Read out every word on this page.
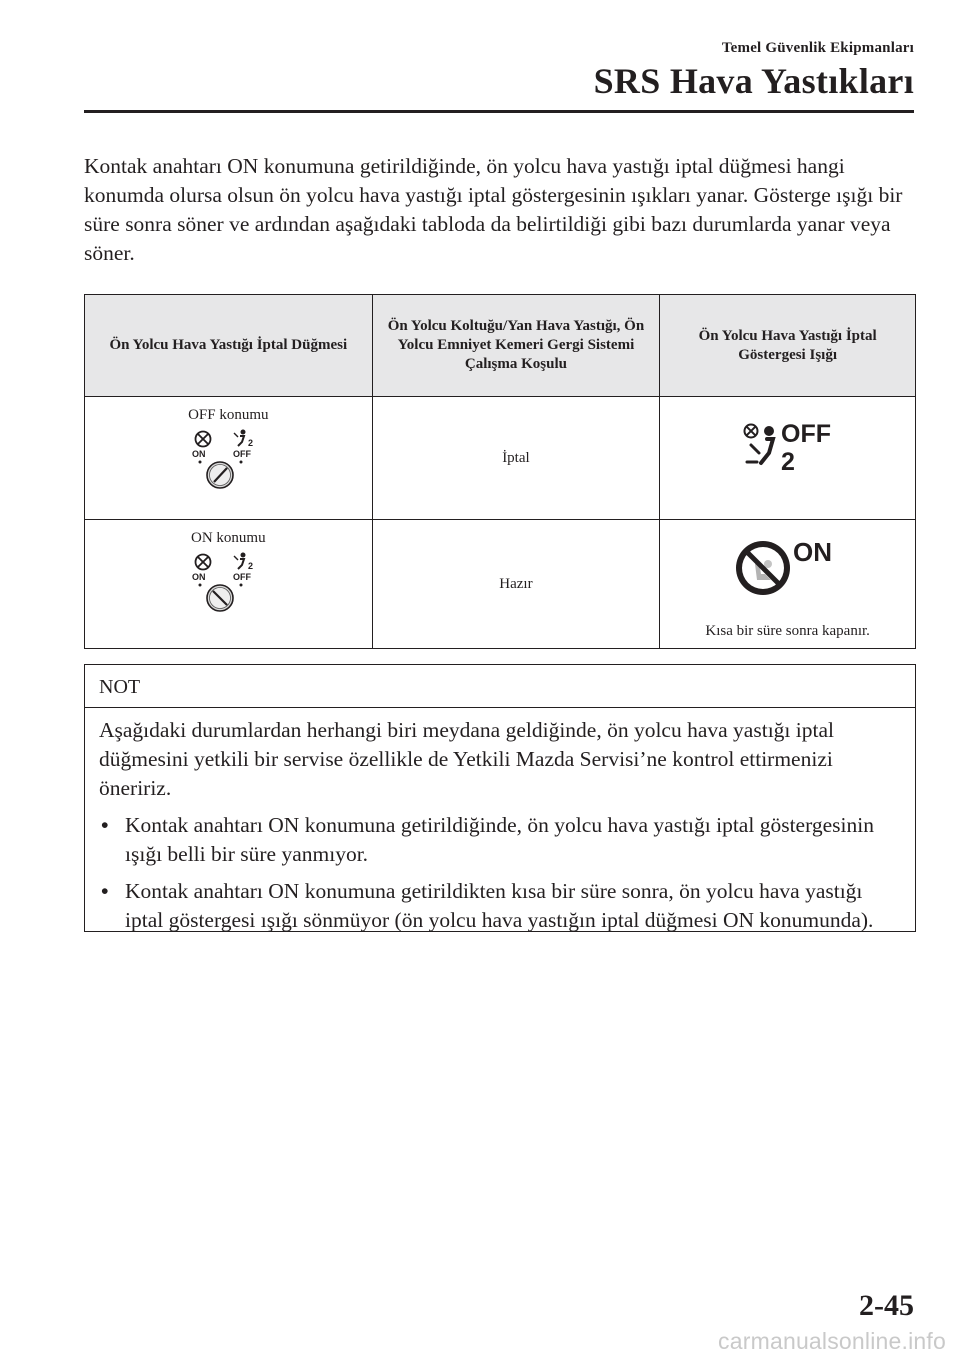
Temel Güvenlik Ekipmanları
SRS Hava Yastıkları

Kontak anahtarı ON konumuna getirildiğinde, ön yolcu hava yastığı iptal düğmesi hangi konumda olursa olsun ön yolcu hava yastığı iptal göstergesinin ışıkları yanar. Gösterge ışığı bir süre sonra söner ve ardından aşağıdaki tabloda da belirtildiği gibi bazı durumlarda yanar veya söner.

Ön Yolcu Hava Yastığı İptal Düğmesi	Ön Yolcu Koltuğu/Yan Hava Yastığı, Ön Yolcu Emniyet Kemeri Gergi Sistemi Çalışma Koşulu	Ön Yolcu Hava Yastığı İptal Göstergesi Işığı

OFF konumu
2
ON OFF	İptal	OFF
2

ON konumu
2
ON OFF	Hazır	ON
Kısa bir süre sonra kapanır.
NOT

Aşağıdaki durumlardan herhangi biri meydana geldiğinde, ön yolcu hava yastığı iptal düğmesini yetkili bir servise özellikle de Yetkili Mazda Servisi’ne kontrol ettirmenizi öneririz.

• Kontak anahtarı ON konumuna getirildiğinde, ön yolcu hava yastığı iptal göstergesinin ışığı belli bir süre yanmıyor.
• Kontak anahtarı ON konumuna getirildikten kısa bir süre sonra, ön yolcu hava yastığı iptal göstergesi ışığı sönmüyor (ön yolcu hava yastığın iptal düğmesi ON konumunda).
2-45
carmanualsonline.info
